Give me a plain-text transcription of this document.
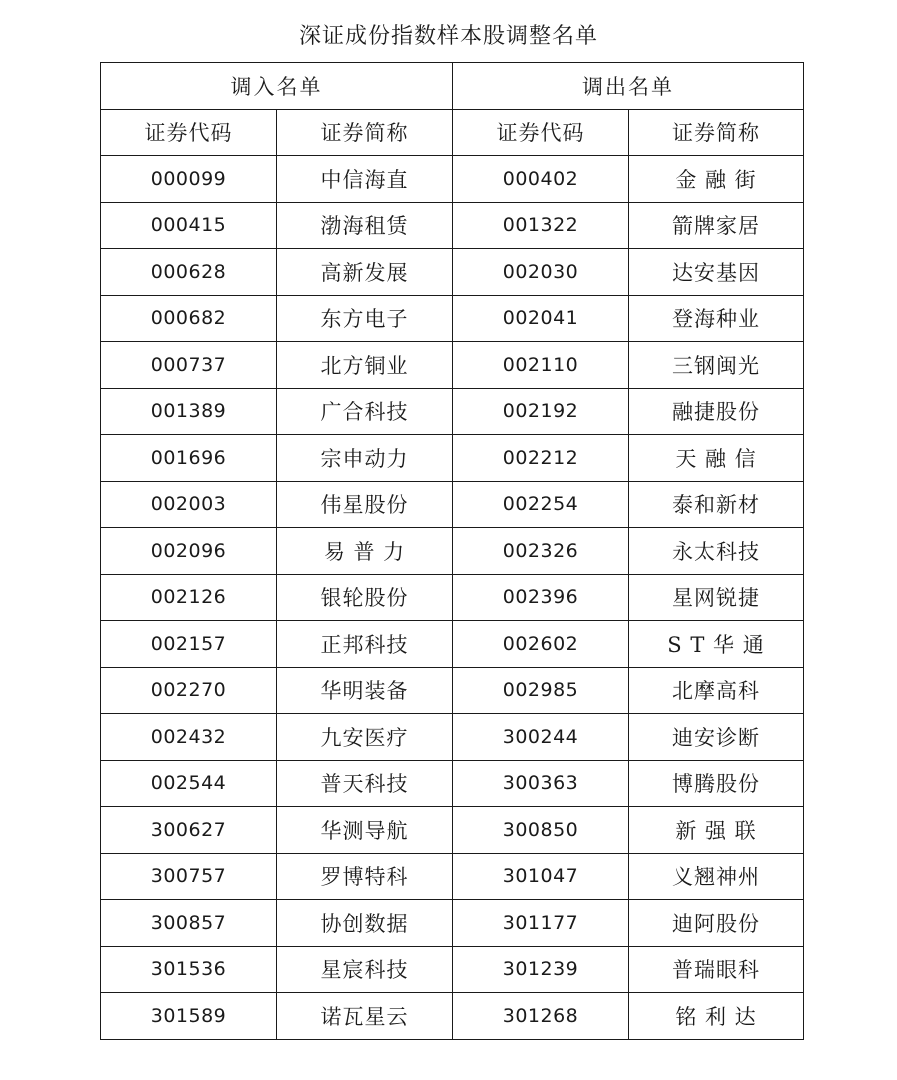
深证成份指数样本股调整名单
调入名单		调出名单	
证券代码	证券简称	证券代码	证券简称
000099	中信海直	000402	金 融 街
000415	渤海租赁	001322	箭牌家居
000628	高新发展	002030	达安基因
000682	东方电子	002041	登海种业
000737	北方铜业	002110	三钢闽光
001389	广合科技	002192	融捷股份
001696	宗申动力	002212	天 融 信
002003	伟星股份	002254	泰和新材
002096	易 普 力	002326	永太科技
002126	银轮股份	002396	星网锐捷
002157	正邦科技	002602	S T 华 通
002270	华明装备	002985	北摩高科
002432	九安医疗	300244	迪安诊断
002544	普天科技	300363	博腾股份
300627	华测导航	300850	新 强 联
300757	罗博特科	301047	义翘神州
300857	协创数据	301177	迪阿股份
301536	星宸科技	301239	普瑞眼科
301589	诺瓦星云	301268	铭 利 达
